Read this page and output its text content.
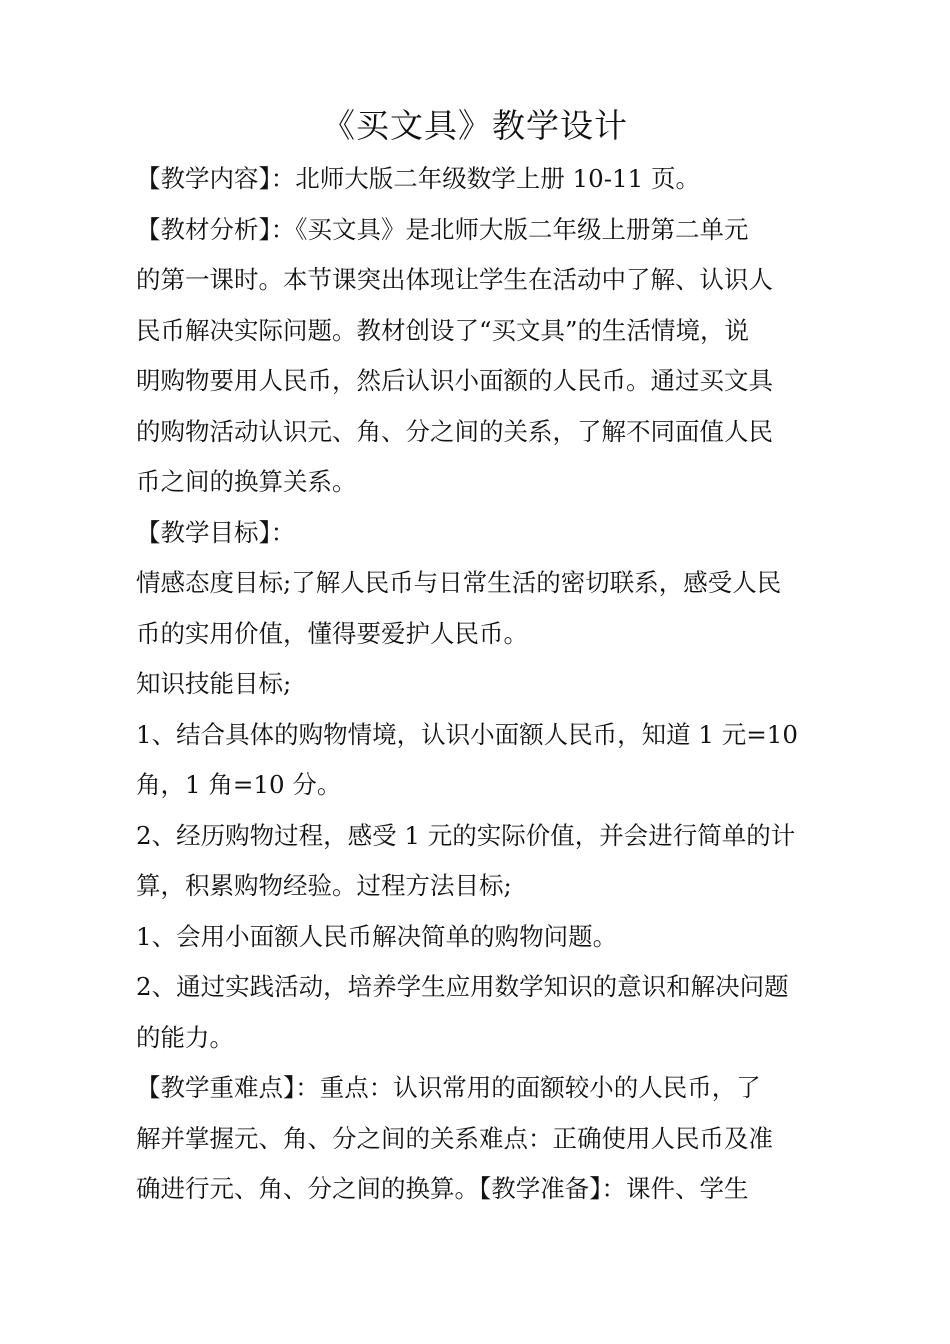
《买文具》教学设计
【教学内容】：北师大版二年级数学上册 10-11 页。
【教材分析】：《买文具》是北师大版二年级上册第二单元
的第一课时。本节课突出体现让学生在活动中了解、认识人
民币解决实际问题。教材创设了“买文具”的生活情境，说
明购物要用人民币，然后认识小面额的人民币。通过买文具
的购物活动认识元、角、分之间的关系，了解不同面值人民
币之间的换算关系。
【教学目标】：
情感态度目标;了解人民币与日常生活的密切联系，感受人民
币的实用价值，懂得要爱护人民币。
知识技能目标;
1、结合具体的购物情境，认识小面额人民币，知道 1 元=10
角，1 角=10 分。
2、经历购物过程，感受 1 元的实际价值，并会进行简单的计
算，积累购物经验。过程方法目标;
1、会用小面额人民币解决简单的购物问题。
2、通过实践活动，培养学生应用数学知识的意识和解决问题
的能力。
【教学重难点】：重点：认识常用的面额较小的人民币，了
解并掌握元、角、分之间的关系难点：正确使用人民币及准
确进行元、角、分之间的换算。【教学准备】：课件、学生
